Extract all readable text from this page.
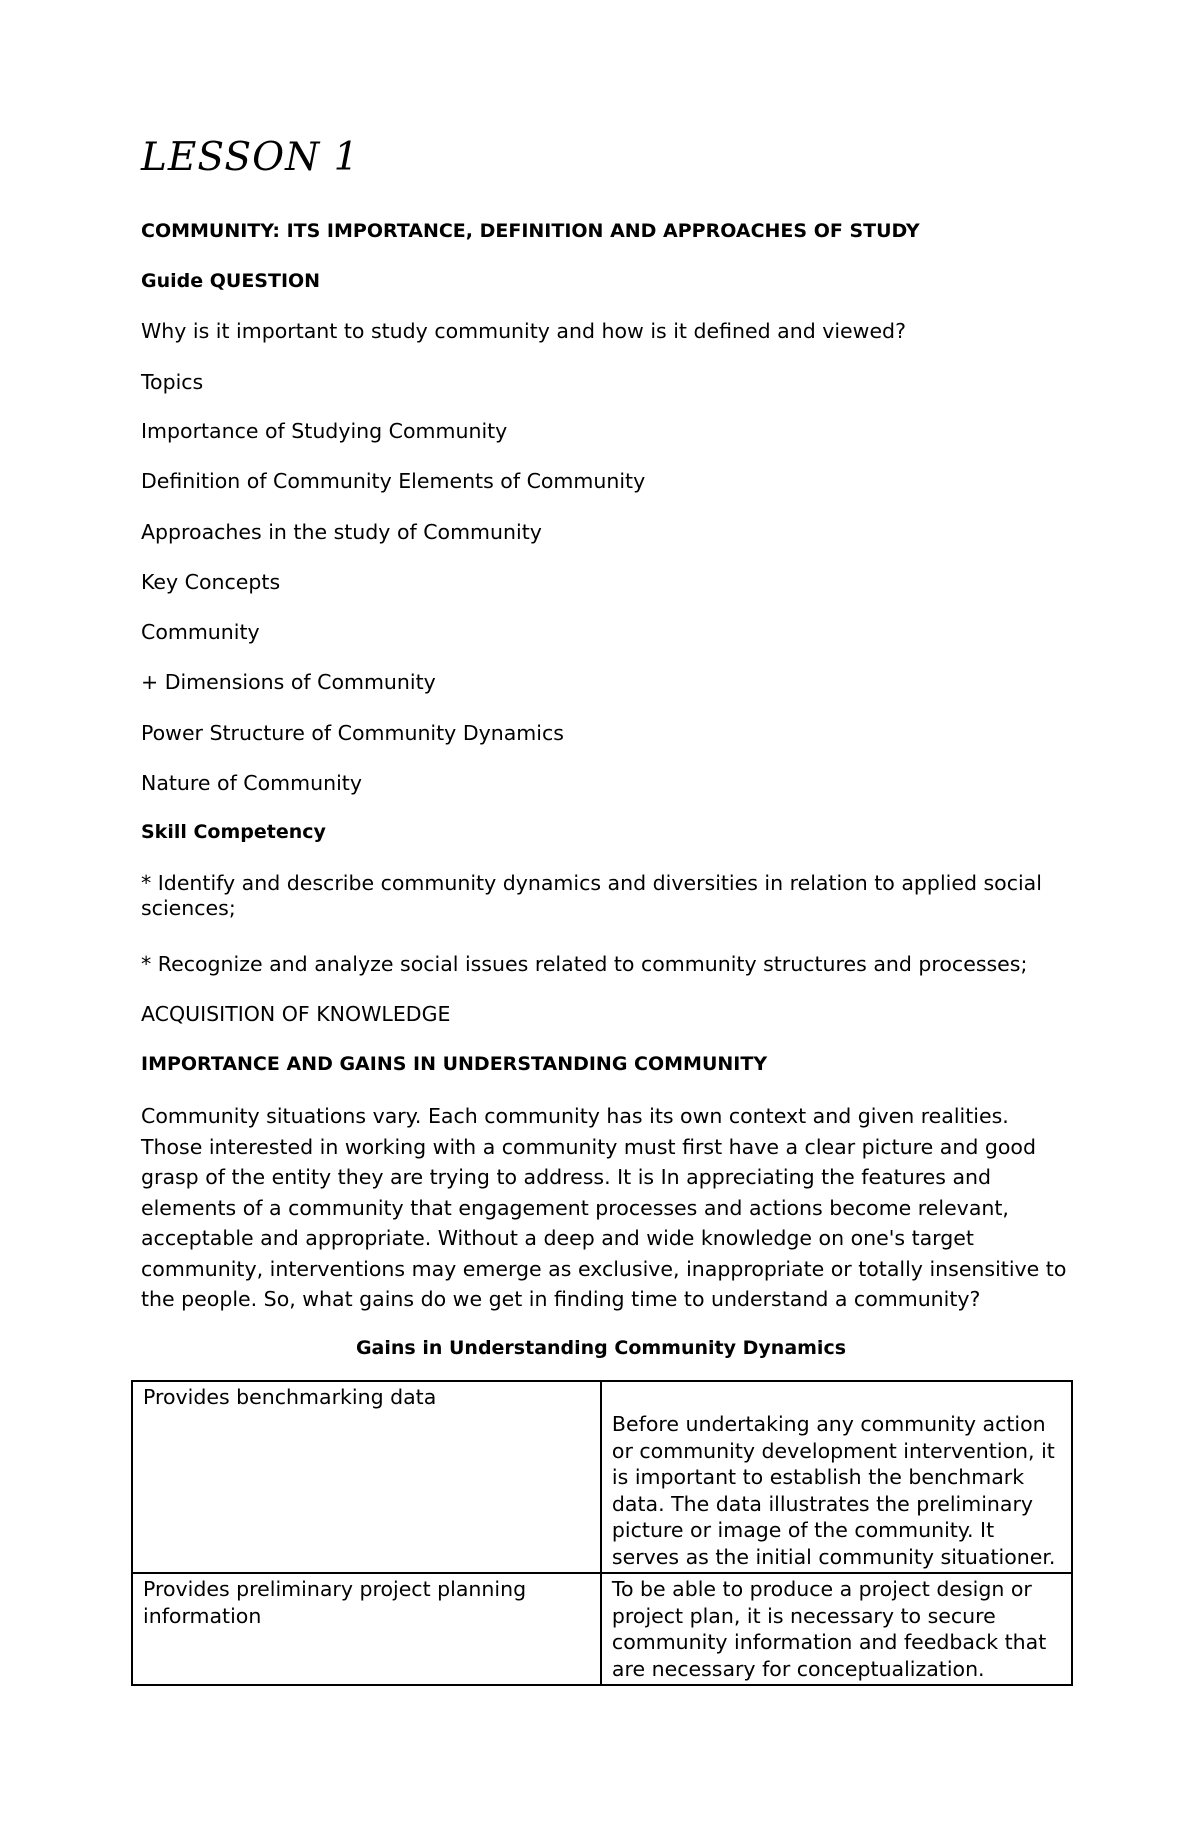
LESSON 1
COMMUNITY: ITS IMPORTANCE, DEFINITION AND APPROACHES OF STUDY
Guide QUESTION
Why is it important to study community and how is it defined and viewed?
Topics
Importance of Studying Community
Definition of Community Elements of Community
Approaches in the study of Community
Key Concepts
Community
+ Dimensions of Community
Power Structure of Community Dynamics
Nature of Community
Skill Competency
* Identify and describe community dynamics and diversities in relation to applied social sciences;
* Recognize and analyze social issues related to community structures and processes;
ACQUISITION OF KNOWLEDGE
IMPORTANCE AND GAINS IN UNDERSTANDING COMMUNITY
Community situations vary. Each community has its own context and given realities. Those interested in working with a community must first have a clear picture and good grasp of the entity they are trying to address. It is In appreciating the features and elements of a community that engagement processes and actions become relevant, acceptable and appropriate. Without a deep and wide knowledge on one's target community, interventions may emerge as exclusive, inappropriate or totally insensitive to the people. So, what gains do we get in finding time to understand a community?
Gains in Understanding Community Dynamics
Provides benchmarking data	Before undertaking any community action or community development intervention, it is important to establish the benchmark data. The data illustrates the preliminary picture or image of the community. It serves as the initial community situationer.
Provides preliminary project planning information	To be able to produce a project design or project plan, it is necessary to secure community information and feedback that are necessary for conceptualization.
